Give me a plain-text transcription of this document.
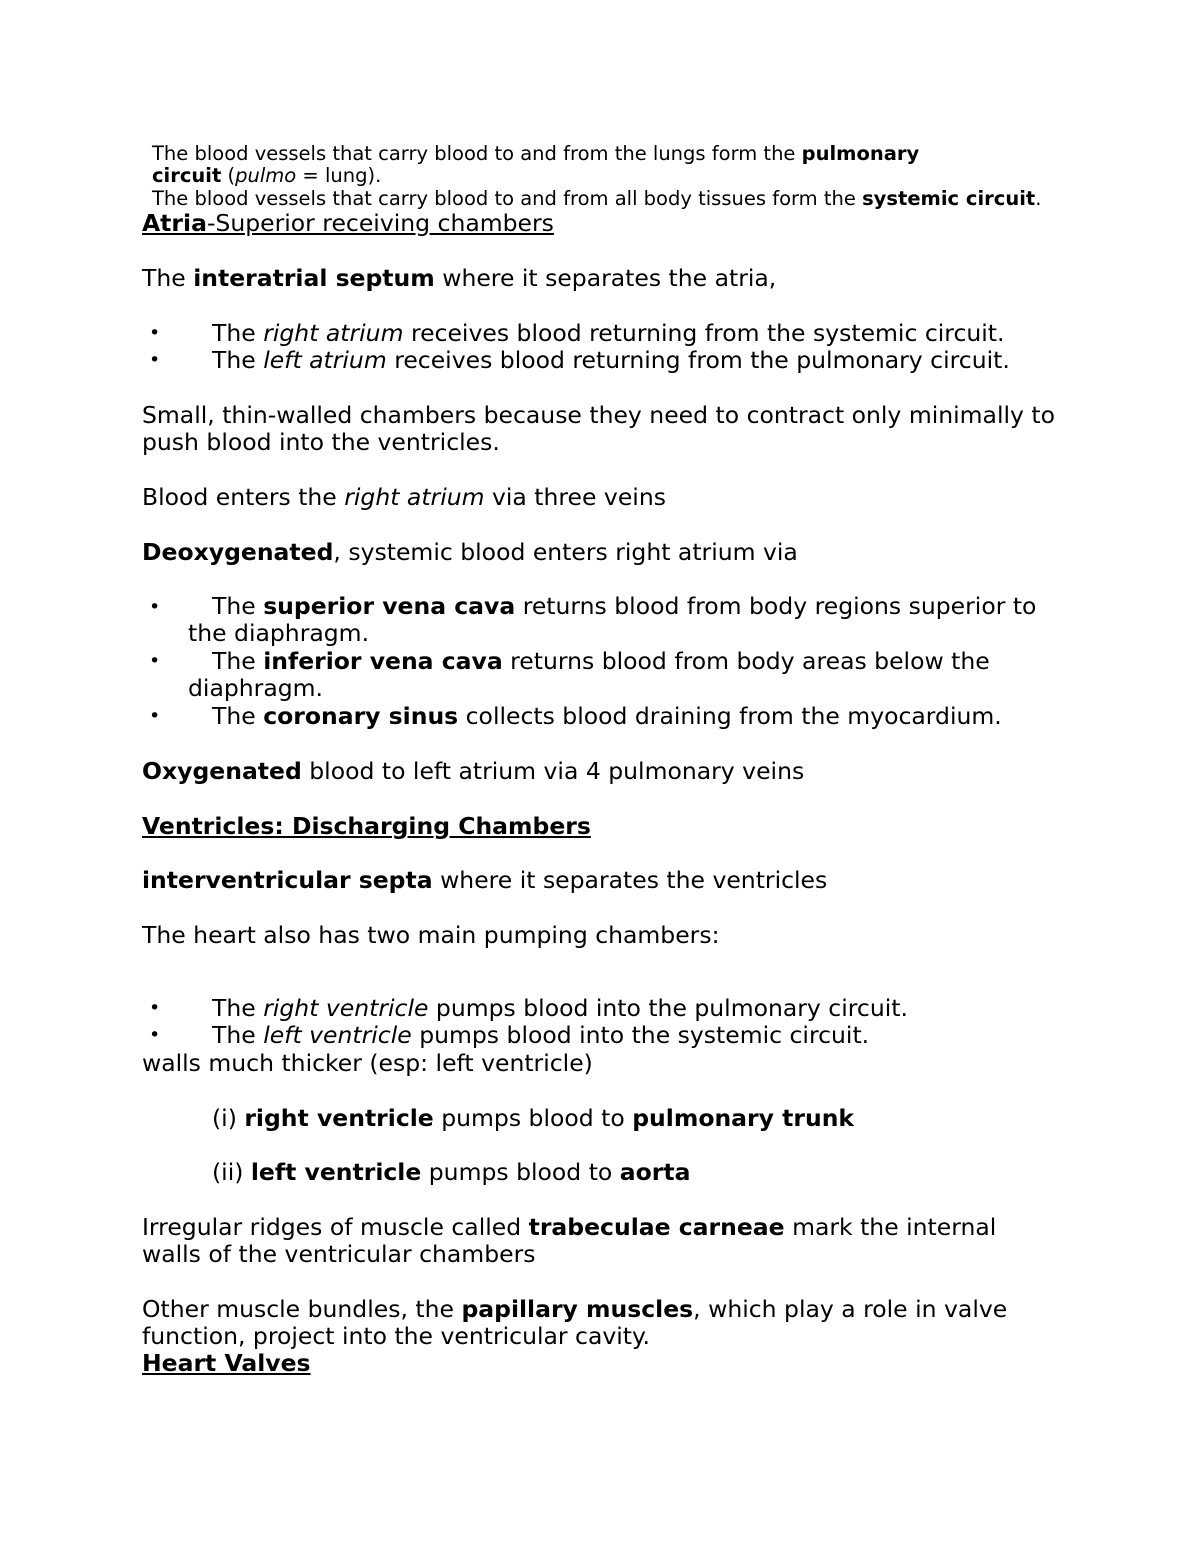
The blood vessels that carry blood to and from the lungs form the pulmonary
circuit (pulmo = lung).
The blood vessels that carry blood to and from all body tissues form the systemic circuit.
Atria-Superior receiving chambers
The interatrial septum where it separates the atria,
• The right atrium receives blood returning from the systemic circuit.
• The left atrium receives blood returning from the pulmonary circuit.
Small, thin-walled chambers because they need to contract only minimally to
push blood into the ventricles.
Blood enters the right atrium via three veins
Deoxygenated, systemic blood enters right atrium via
• The superior vena cava returns blood from body regions superior to
the diaphragm.
• The inferior vena cava returns blood from body areas below the
diaphragm.
• The coronary sinus collects blood draining from the myocardium.
Oxygenated blood to left atrium via 4 pulmonary veins
Ventricles: Discharging Chambers
interventricular septa where it separates the ventricles
The heart also has two main pumping chambers:
• The right ventricle pumps blood into the pulmonary circuit.
• The left ventricle pumps blood into the systemic circuit.
walls much thicker (esp: left ventricle)
(i) right ventricle pumps blood to pulmonary trunk
(ii) left ventricle pumps blood to aorta
Irregular ridges of muscle called trabeculae carneae mark the internal
walls of the ventricular chambers
Other muscle bundles, the papillary muscles, which play a role in valve
function, project into the ventricular cavity.
Heart Valves
